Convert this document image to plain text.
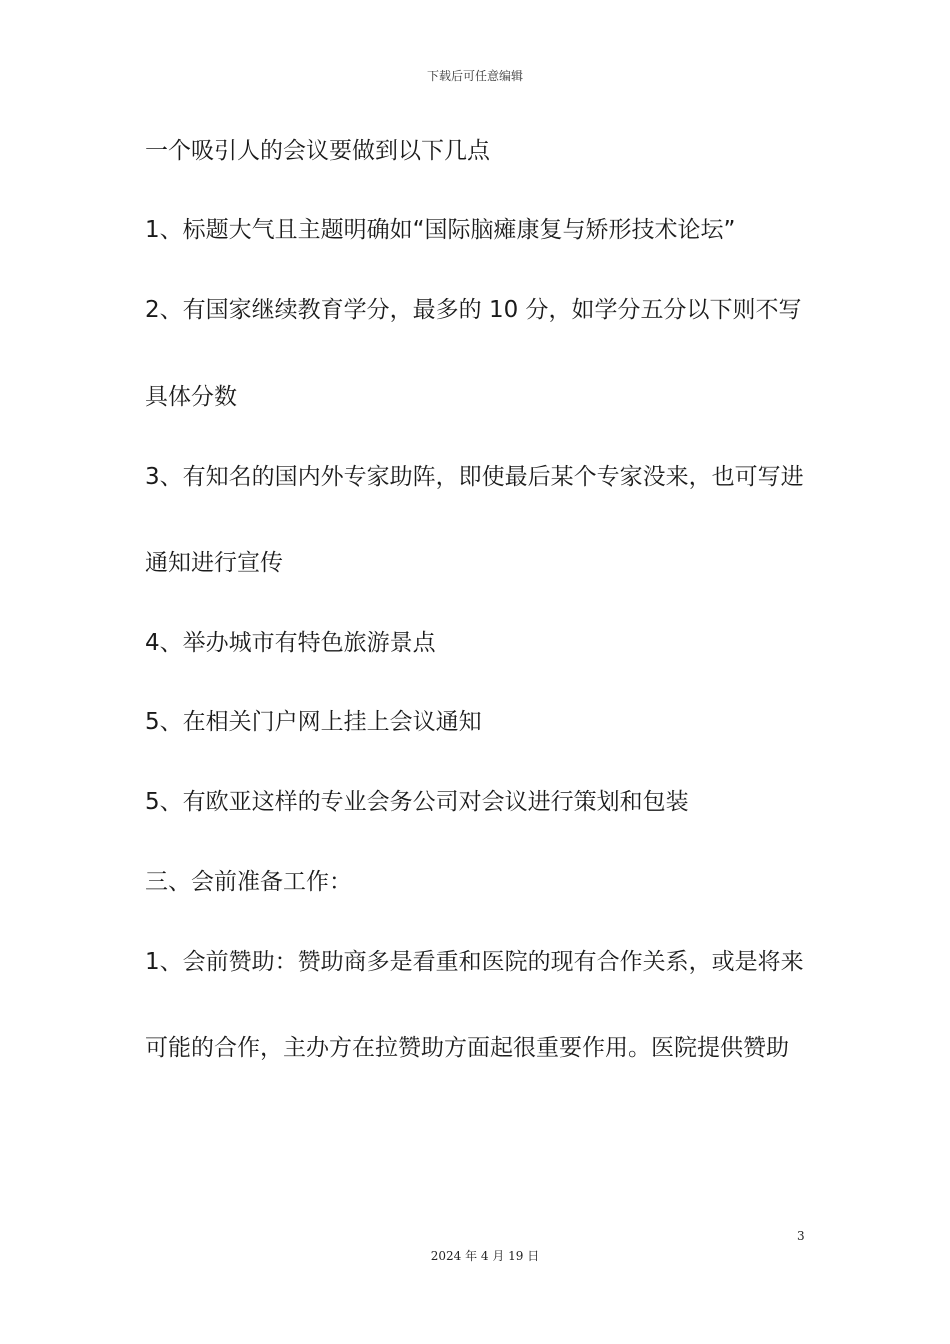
下载后可任意编辑

一个吸引人的会议要做到以下几点

1、标题大气且主题明确如“国际脑瘫康复与矫形技术论坛”

2、有国家继续教育学分，最多的 10 分，如学分五分以下则不写

具体分数

3、有知名的国内外专家助阵，即使最后某个专家没来，也可写进

通知进行宣传

4、举办城市有特色旅游景点

5、在相关门户网上挂上会议通知

5、有欧亚这样的专业会务公司对会议进行策划和包装

三、会前准备工作：

1、会前赞助：赞助商多是看重和医院的现有合作关系，或是将来

可能的合作，主办方在拉赞助方面起很重要作用。医院提供赞助

3
2024 年 4 月 19 日
